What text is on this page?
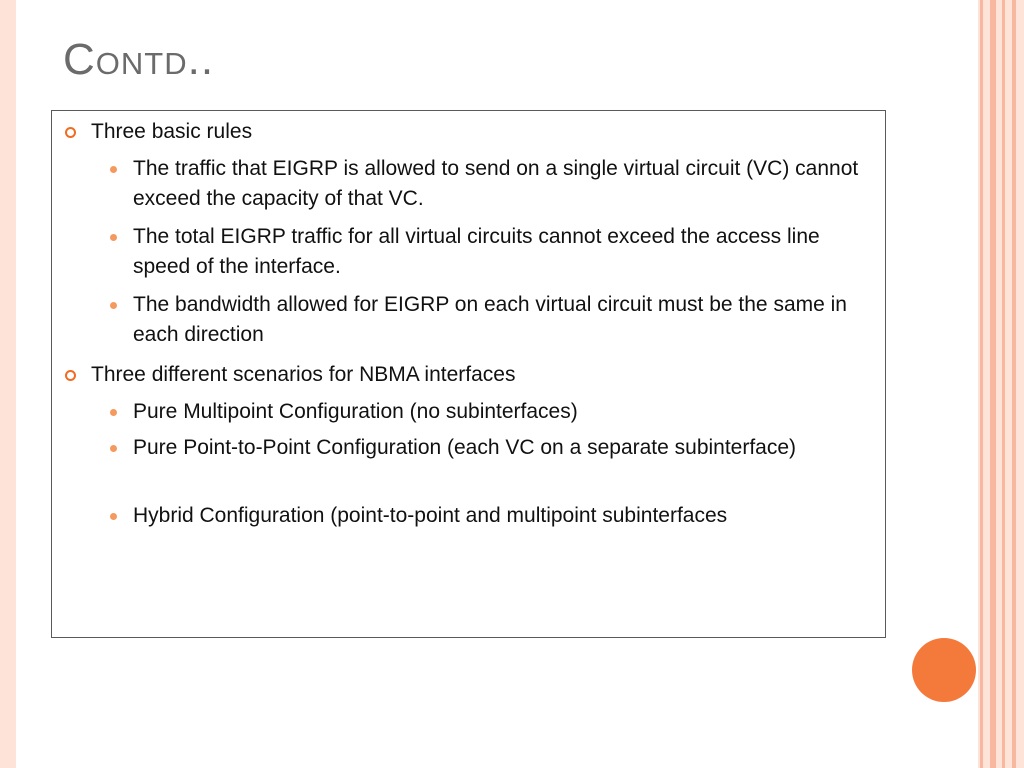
Contd..
Three basic rules
The traffic that EIGRP is allowed to send on a single virtual circuit (VC) cannot exceed the capacity of that VC.
The total EIGRP traffic for all virtual circuits cannot exceed the access line speed of the interface.
The bandwidth allowed for EIGRP on each virtual circuit must be the same in each direction
Three different scenarios for NBMA interfaces
Pure Multipoint Configuration (no subinterfaces)
Pure Point-to-Point Configuration (each VC on a separate subinterface)
Hybrid Configuration (point-to-point and multipoint subinterfaces
